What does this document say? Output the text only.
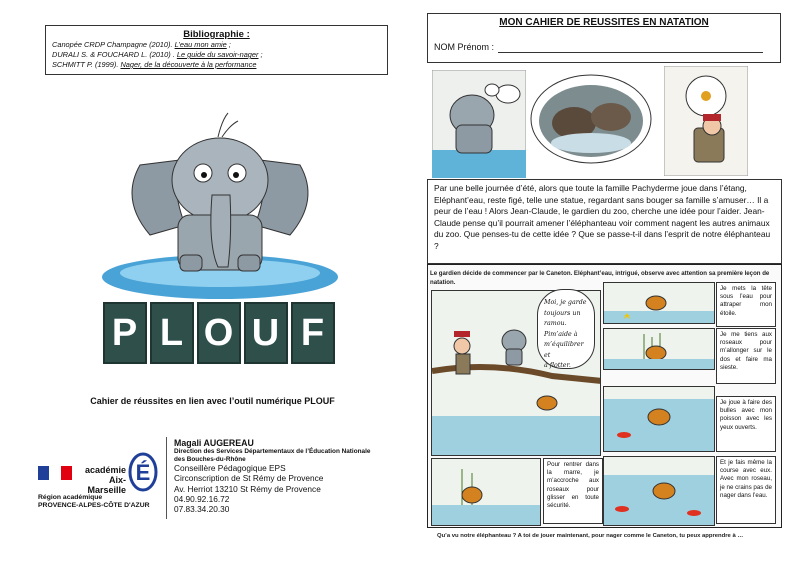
Bibliographie :
Canopée CRDP Champagne (2010). L’eau mon amie ;
DURALI S. & FOUCHARD L. (2010) . Le guide du savoir-nager ;
SCHMITT P. (1999). Nager, de la découverte à la performance
P L O U F
Cahier de réussites en lien avec l’outil numérique PLOUF
académie
Aix-Marseille
É
Région académique
PROVENCE-ALPES-CÔTE D'AZUR
Magali AUGEREAU
Direction des Services Départementaux de l’Éducation Nationale
des Bouches-du-Rhône
Conseillère Pédagogique EPS
Circonscription de St Rémy de Provence
Av. Herriot 13210 St Rémy de Provence
04.90.92.16.72
07.83.34.20.30
MON CAHIER DE REUSSITES EN NATATION
NOM Prénom :
Par une belle journée d’été, alors que toute la famille Pachyderme joue dans l’étang, Eléphant’eau, reste figé, telle une statue, regardant sans bouger sa famille s’amuser… Il a peur de l’eau ! Alors Jean-Claude, le gardien du zoo, cherche une idée pour l’aider. Jean-Claude pense qu’il pourrait amener l’éléphanteau voir comment nagent les autres animaux du zoo. Que penses-tu de cette idée ? Que se passe-t-il dans l’esprit de notre éléphanteau ?
Le gardien décide de commencer par le Caneton. Eléphant’eau, intrigué, observe avec attention sa première leçon de natation.
Moi, je garde
toujours un
ramou.
Pim’aide à
m’équilibrer et
à flotter.
Je mets la tête sous l’eau pour attraper mon étoile.
Je me tiens aux roseaux pour m’allonger sur le dos et faire ma sieste.
Je joue à faire des bulles avec mon poisson avec les yeux ouverts.
Pour rentrer dans la marre, je m’accroche aux roseaux pour glisser en toute sécurité.
Et je fais même la course avec eux. Avec mon roseau, je ne crains pas de nager dans l’eau.
Qu’a vu notre éléphanteau ? A toi de jouer maintenant, pour nager comme le Caneton, tu peux apprendre à …
